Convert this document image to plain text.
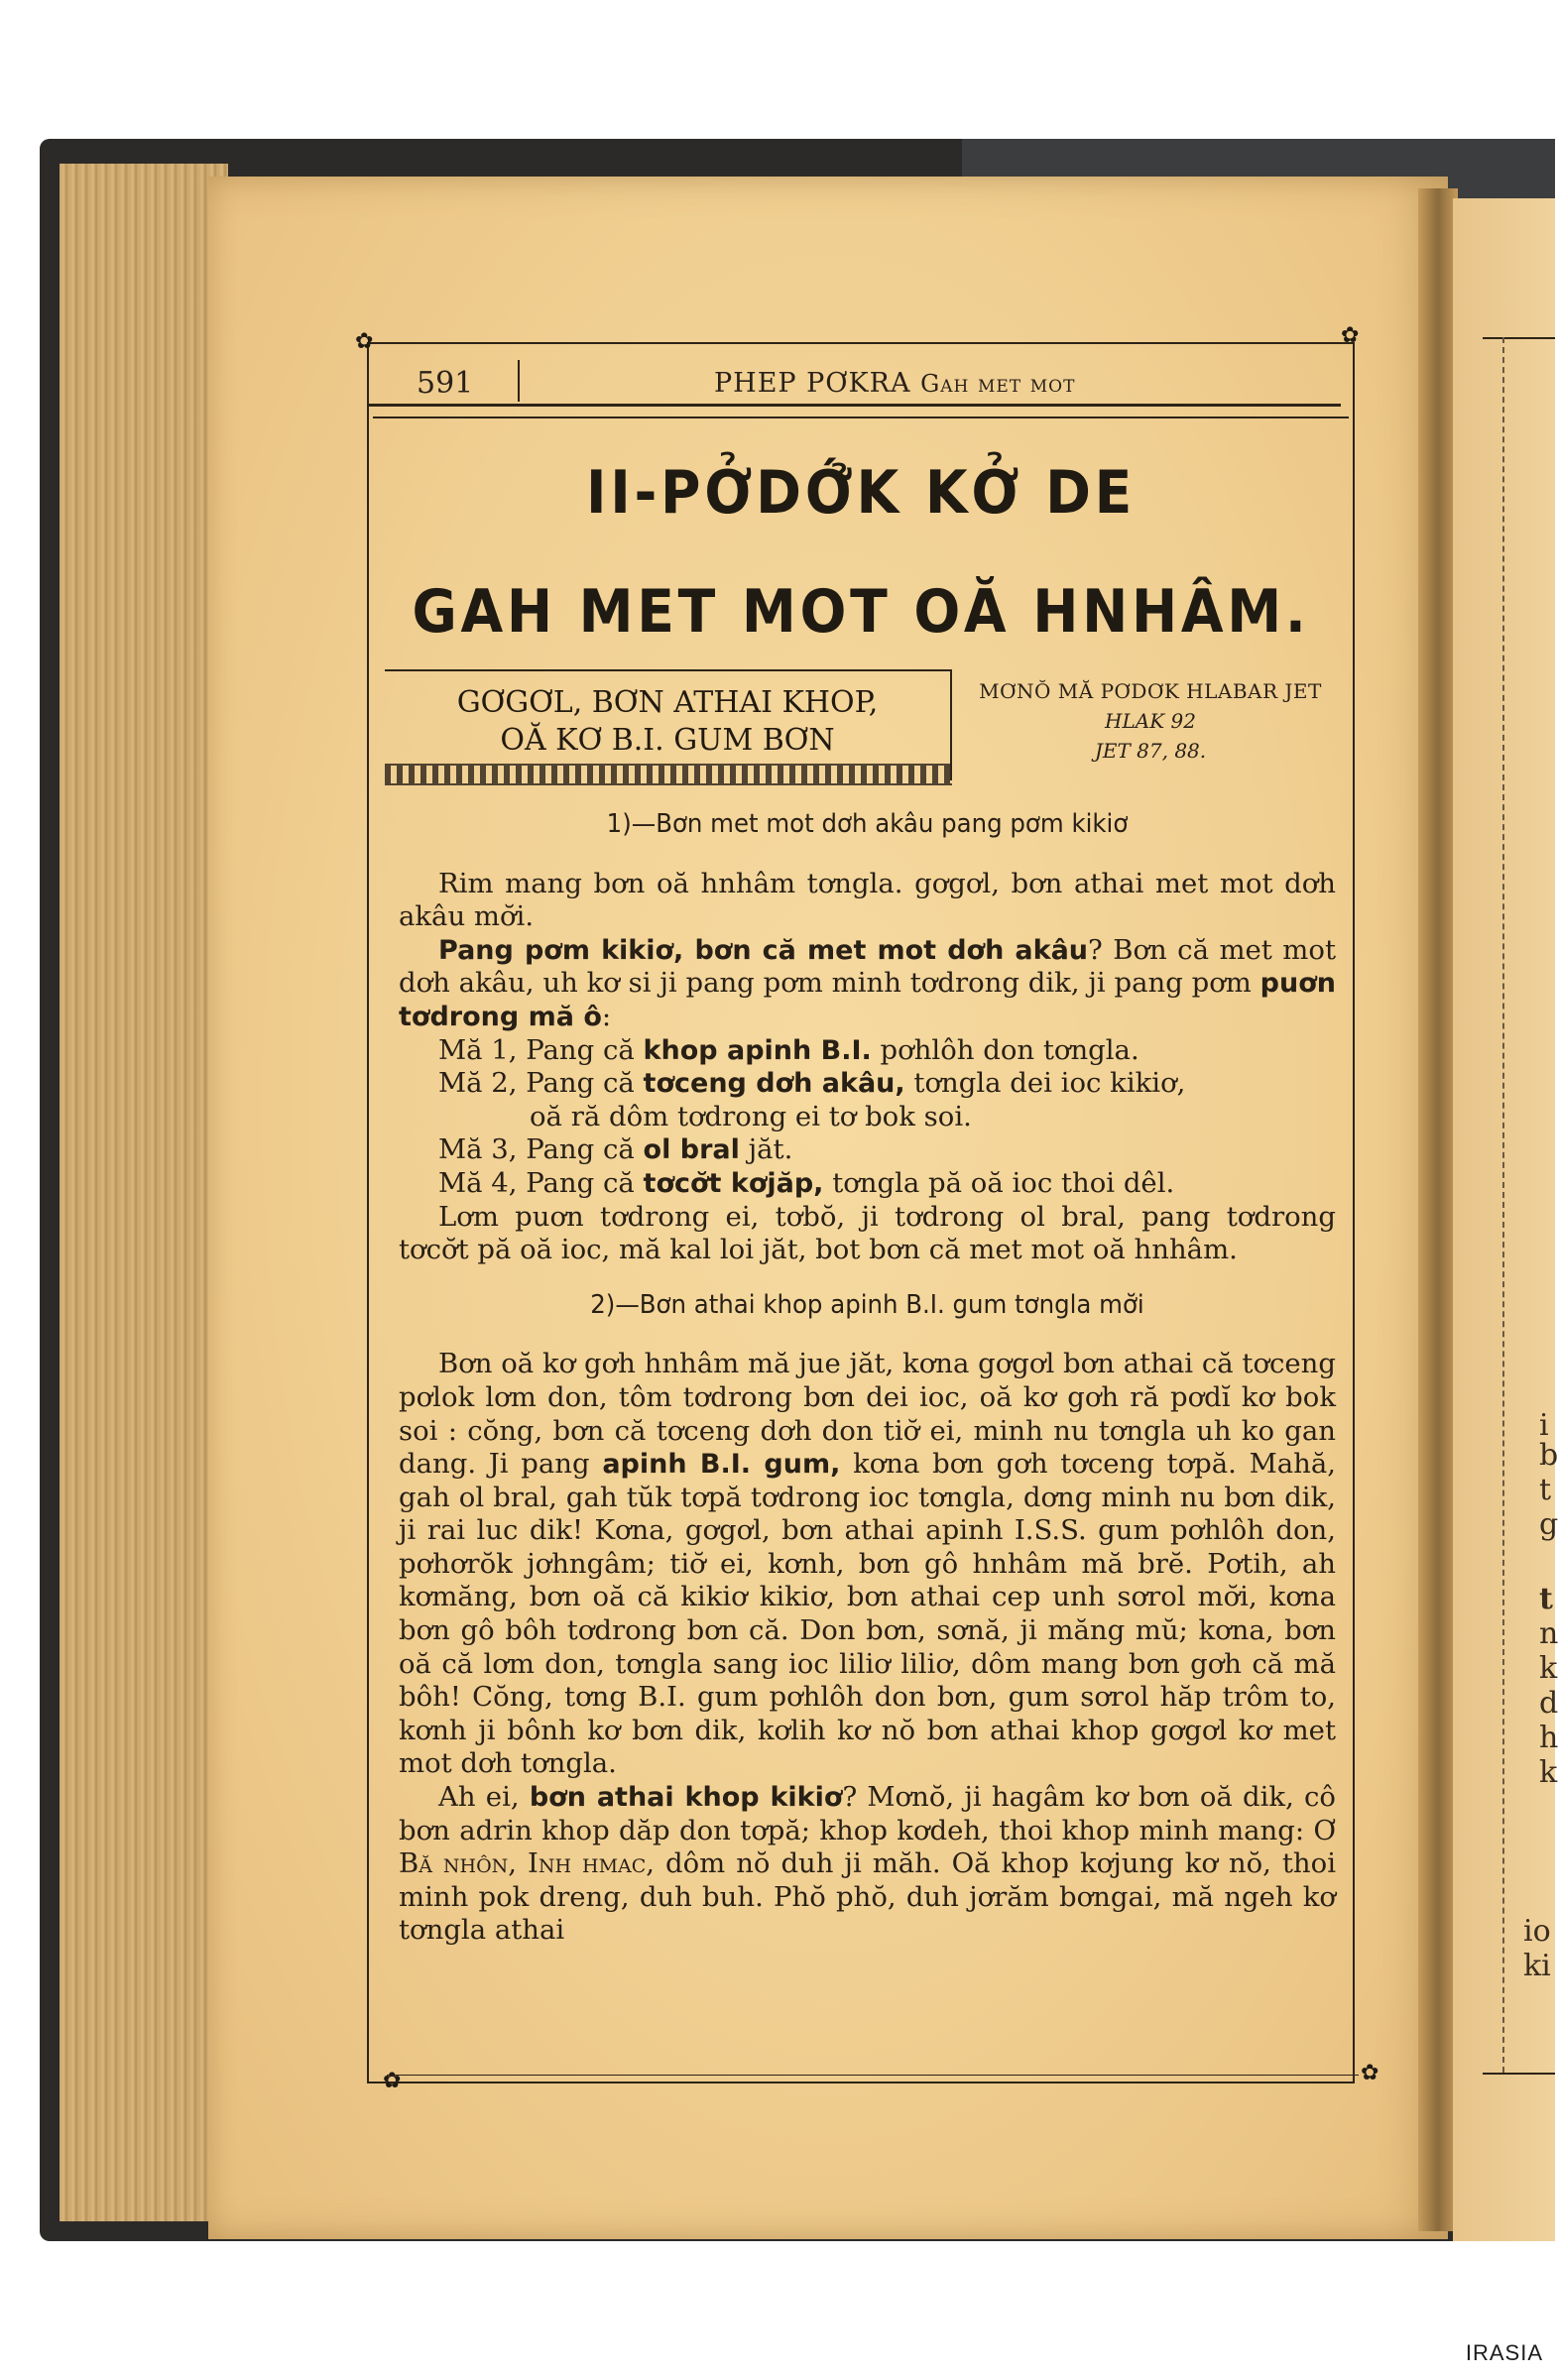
i
b
t
g
t
n
k
d
h
k
io
ki
✿	✿
✿	✿
591	PHEP PƠKRA Gah met mot
II-PỞDỚ̉K KỞ DE
GAH MET MOT OĂ HNHÂM.
GƠGƠL, BƠN ATHAI KHOP,
OĂ KƠ B.I. GUM BƠN
MƠNŎ MĂ PƠDƠK HLABAR JET
HLAK 92
JET 87, 88.
1)—Bơn met mot dơh akâu pang pơm kikiơ

Rim mang bơn oă hnhâm tơngla. gơgơl, bơn athai met mot dơh akâu mơ̆i.

Pang pơm kikiơ, bơn că met mot dơh akâu? Bơn că met mot dơh akâu, uh kơ si ji pang pơm minh tơdrong dik, ji pang pơm puơn tơdrong mă ô:

Mă 1, Pang că khop apinh B.I. pơhlôh don tơngla.

Mă 2, Pang că tơceng dơh akâu, tơngla dei ioc kikiơ,
oă ră dôm tơdrong ei tơ bok soi.

Mă 3, Pang că ol bral jăt.

Mă 4, Pang că tơcơ̆t kơjăp, tơngla pă oă ioc thoi dêl.

Lơm puơn tơdrong ei, tơbŏ, ji tơdrong ol bral, pang tơdrong tơcơ̆t pă oă ioc, mă kal loi jăt, bot bơn că met mot oă hnhâm.

2)—Bơn athai khop apinh B.I. gum tơngla mơ̆i

Bơn oă kơ gơh hnhâm mă jue jăt, kơna gơgơl bơn athai că tơceng pơlok lơm don, tôm tơdrong bơn dei ioc, oă kơ gơh ră pơdĭ kơ bok soi : cŏng, bơn că tơceng dơh don tiơ̆ ei, minh nu tơngla uh ko gan dang. Ji pang apinh B.I. gum, kơna bơn gơh tơceng tơpă. Mahă, gah ol bral, gah tŭk tơpă tơdrong ioc tơngla, dơng minh nu bơn dik, ji rai luc dik! Kơna, gơgơl, bơn athai apinh I.S.S. gum pơhlôh don, pơhơrŏk jơhngâm; tiơ̆ ei, kơnh, bơn gô hnhâm mă brĕ. Pơtih, ah kơmăng, bơn oă că kikiơ kikiơ, bơn athai cep unh sơrol mơ̆i, kơna bơn gô bôh tơdrong bơn că. Don bơn, sơnă, ji măng mŭ; kơna, bơn oă că lơm don, tơngla sang ioc liliơ liliơ, dôm mang bơn gơh că mă bôh! Cŏng, tơng B.I. gum pơhlôh don bơn, gum sơrol hăp trôm to, kơnh ji bônh kơ bơn dik, kơlih kơ nŏ bơn athai khop gơgơl kơ met mot dơh tơngla.

Ah ei, bơn athai khop kikiơ? Mơnŏ, ji hagâm kơ bơn oă dik, cô bơn adrin khop dăp don tơpă; khop kơdeh, thoi khop minh mang: Ơ Bă nhôn, Inh hmac, dôm nŏ duh ji măh. Oă khop kơjung kơ nŏ, thoi minh pok dreng, duh buh. Phŏ phŏ, duh jơrăm bơngai, mă ngeh kơ tơngla athai

IRASIA
